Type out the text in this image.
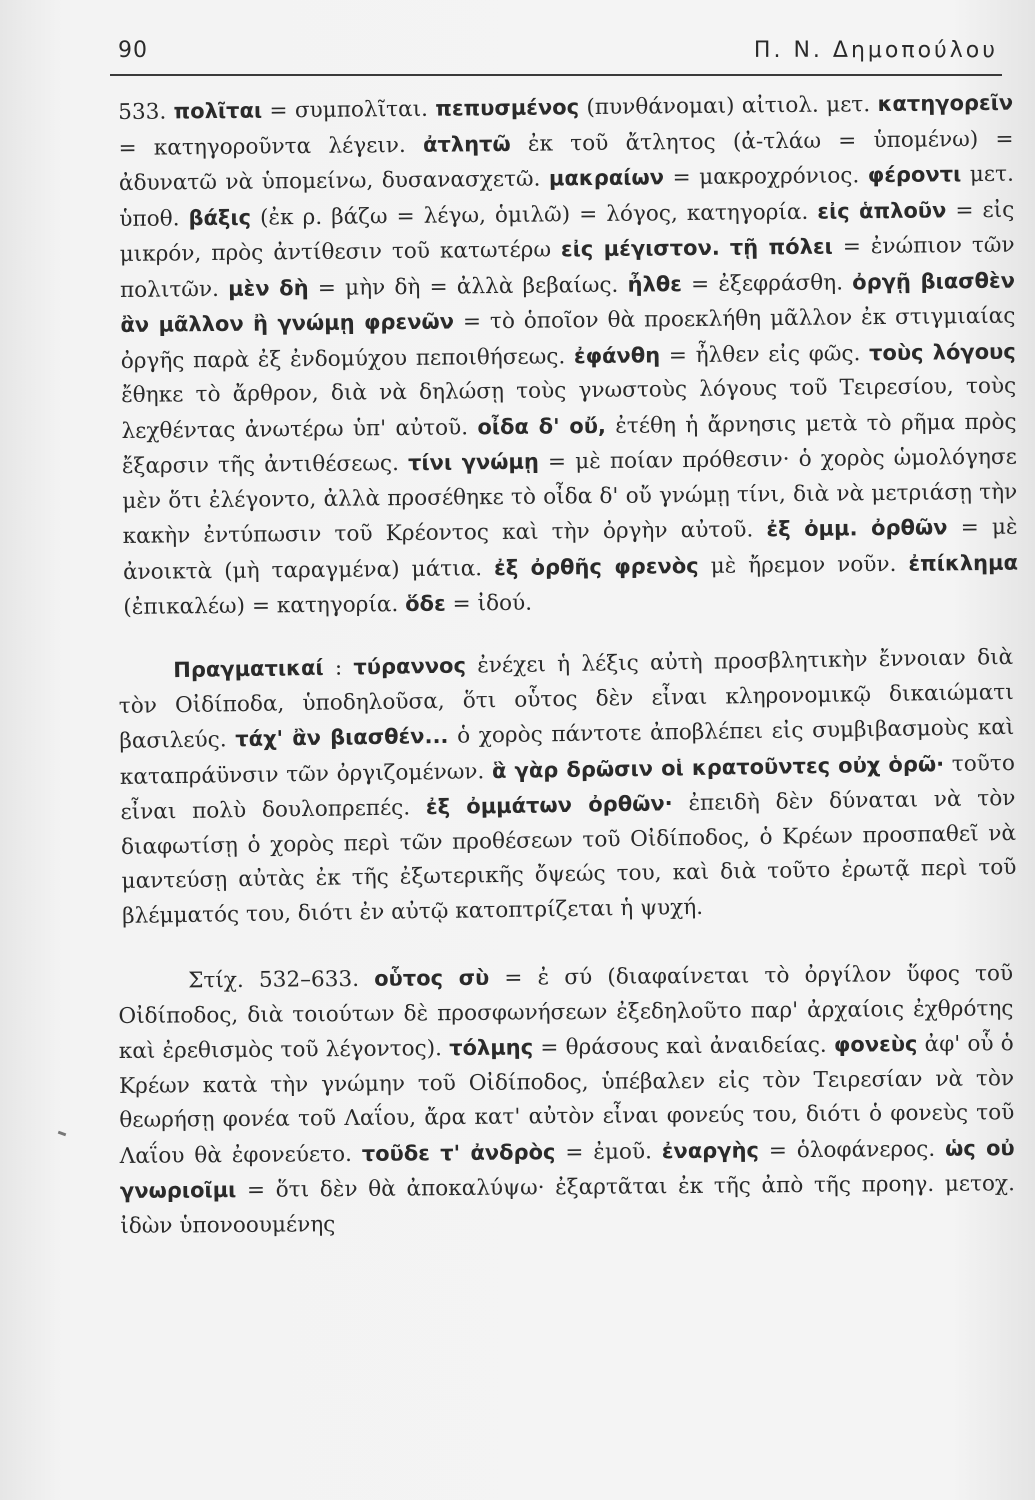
90	Π. Ν. Δημοπούλου

533. πολῖται = συμπολῖται. πεπυσμένος (πυνθάνομαι) αἰτιολ. μετ. κατηγορεῖν = κατηγοροῦντα λέγειν. ἀτλητῶ ἐκ τοῦ ἄτλητος (ἀ-τλάω = ὑπομένω) = ἀδυνατῶ νὰ ὑπομείνω, δυσανασχετῶ. μακραίων = μακροχρόνιος. φέροντι μετ. ὑποθ. βάξις (ἐκ ρ. βάζω = λέγω, ὁμιλῶ) = λόγος, κατηγορία. εἰς ἁπλοῦν = εἰς μικρόν, πρὸς ἀντίθεσιν τοῦ κατωτέρω εἰς μέγιστον. τῇ πόλει = ἐνώπιον τῶν πολιτῶν. μὲν δὴ = μὴν δὴ = ἀλλὰ βεβαίως. ἦλθε = ἐξεφράσθη. ὀργῇ βιασθὲν ἂν μᾶλλον ἢ γνώμῃ φρενῶν = τὸ ὁποῖον θὰ προεκλήθη μᾶλλον ἐκ στιγμιαίας ὀργῆς παρὰ ἐξ ἐνδομύχου πεποιθήσεως. ἐφάνθη = ἦλθεν εἰς φῶς. τοὺς λόγους ἔθηκε τὸ ἄρθρον, διὰ νὰ δηλώσῃ τοὺς γνωστοὺς λόγους τοῦ Τειρεσίου, τοὺς λεχθέντας ἀνωτέρω ὑπ' αὐτοῦ. οἶδα δ' οὔ, ἐτέθη ἡ ἄρνησις μετὰ τὸ ρῆμα πρὸς ἔξαρσιν τῆς ἀντιθέσεως. τίνι γνώμῃ = μὲ ποίαν πρόθεσιν· ὁ χορὸς ὡμολόγησε μὲν ὅτι ἐλέγοντο, ἀλλὰ προσέθηκε τὸ οἶδα δ' οὔ γνώμῃ τίνι, διὰ νὰ μετριάσῃ τὴν κακὴν ἐντύπωσιν τοῦ Κρέοντος καὶ τὴν ὀργὴν αὐτοῦ. ἐξ ὀμμ. ὀρθῶν = μὲ ἀνοικτὰ (μὴ ταραγμένα) μάτια. ἐξ ὀρθῆς φρενὸς μὲ ἤρεμον νοῦν. ἐπίκλημα (ἐπικαλέω) = κατηγορία. ὅδε = ἰδού.

Πραγματικαί : τύραννος ἐνέχει ἡ λέξις αὐτὴ προσβλητικὴν ἔννοιαν διὰ τὸν Οἰδίποδα, ὑποδηλοῦσα, ὅτι οὗτος δὲν εἶναι κληρονομικῷ δικαιώματι βασιλεύς. τάχ' ἂν βιασθέν... ὁ χορὸς πάντοτε ἀποβλέπει εἰς συμβιβασμοὺς καὶ καταπράϋνσιν τῶν ὀργιζομένων. ἃ γὰρ δρῶσιν οἱ κρατοῦντες οὐχ ὁρῶ· τοῦτο εἶναι πολὺ δουλοπρεπές. ἐξ ὀμμάτων ὀρθῶν· ἐπειδὴ δὲν δύναται νὰ τὸν διαφωτίσῃ ὁ χορὸς περὶ τῶν προθέσεων τοῦ Οἰδίποδος, ὁ Κρέων προσπαθεῖ νὰ μαντεύσῃ αὐτὰς ἐκ τῆς ἐξωτερικῆς ὄψεώς του, καὶ διὰ τοῦτο ἐρωτᾷ περὶ τοῦ βλέμματός του, διότι ἐν αὐτῷ κατοπτρίζεται ἡ ψυχή.

Στίχ. 532–633. οὗτος σὺ = ἐ σύ (διαφαίνεται τὸ ὀργίλον ὕφος τοῦ Οἰδίποδος, διὰ τοιούτων δὲ προσφωνήσεων ἐξεδηλοῦτο παρ' ἀρχαίοις ἐχθρότης καὶ ἐρεθισμὸς τοῦ λέγοντος). τόλμης = θράσους καὶ ἀναιδείας. φονεὺς ἀφ' οὗ ὁ Κρέων κατὰ τὴν γνώμην τοῦ Οἰδίποδος, ὑπέβαλεν εἰς τὸν Τειρεσίαν νὰ τὸν θεωρήσῃ φονέα τοῦ Λαΐου, ἄρα κατ' αὐτὸν εἶναι φονεύς του, διότι ὁ φονεὺς τοῦ Λαΐου θὰ ἐφονεύετο. τοῦδε τ' ἀνδρὸς = ἐμοῦ. ἐναργὴς = ὁλοφάνερος. ὡς οὐ γνωριοῖμι = ὅτι δὲν θὰ ἀποκαλύψω· ἐξαρτᾶται ἐκ τῆς ἀπὸ τῆς προηγ. μετοχ. ἰδὼν ὑπονοουμένης
